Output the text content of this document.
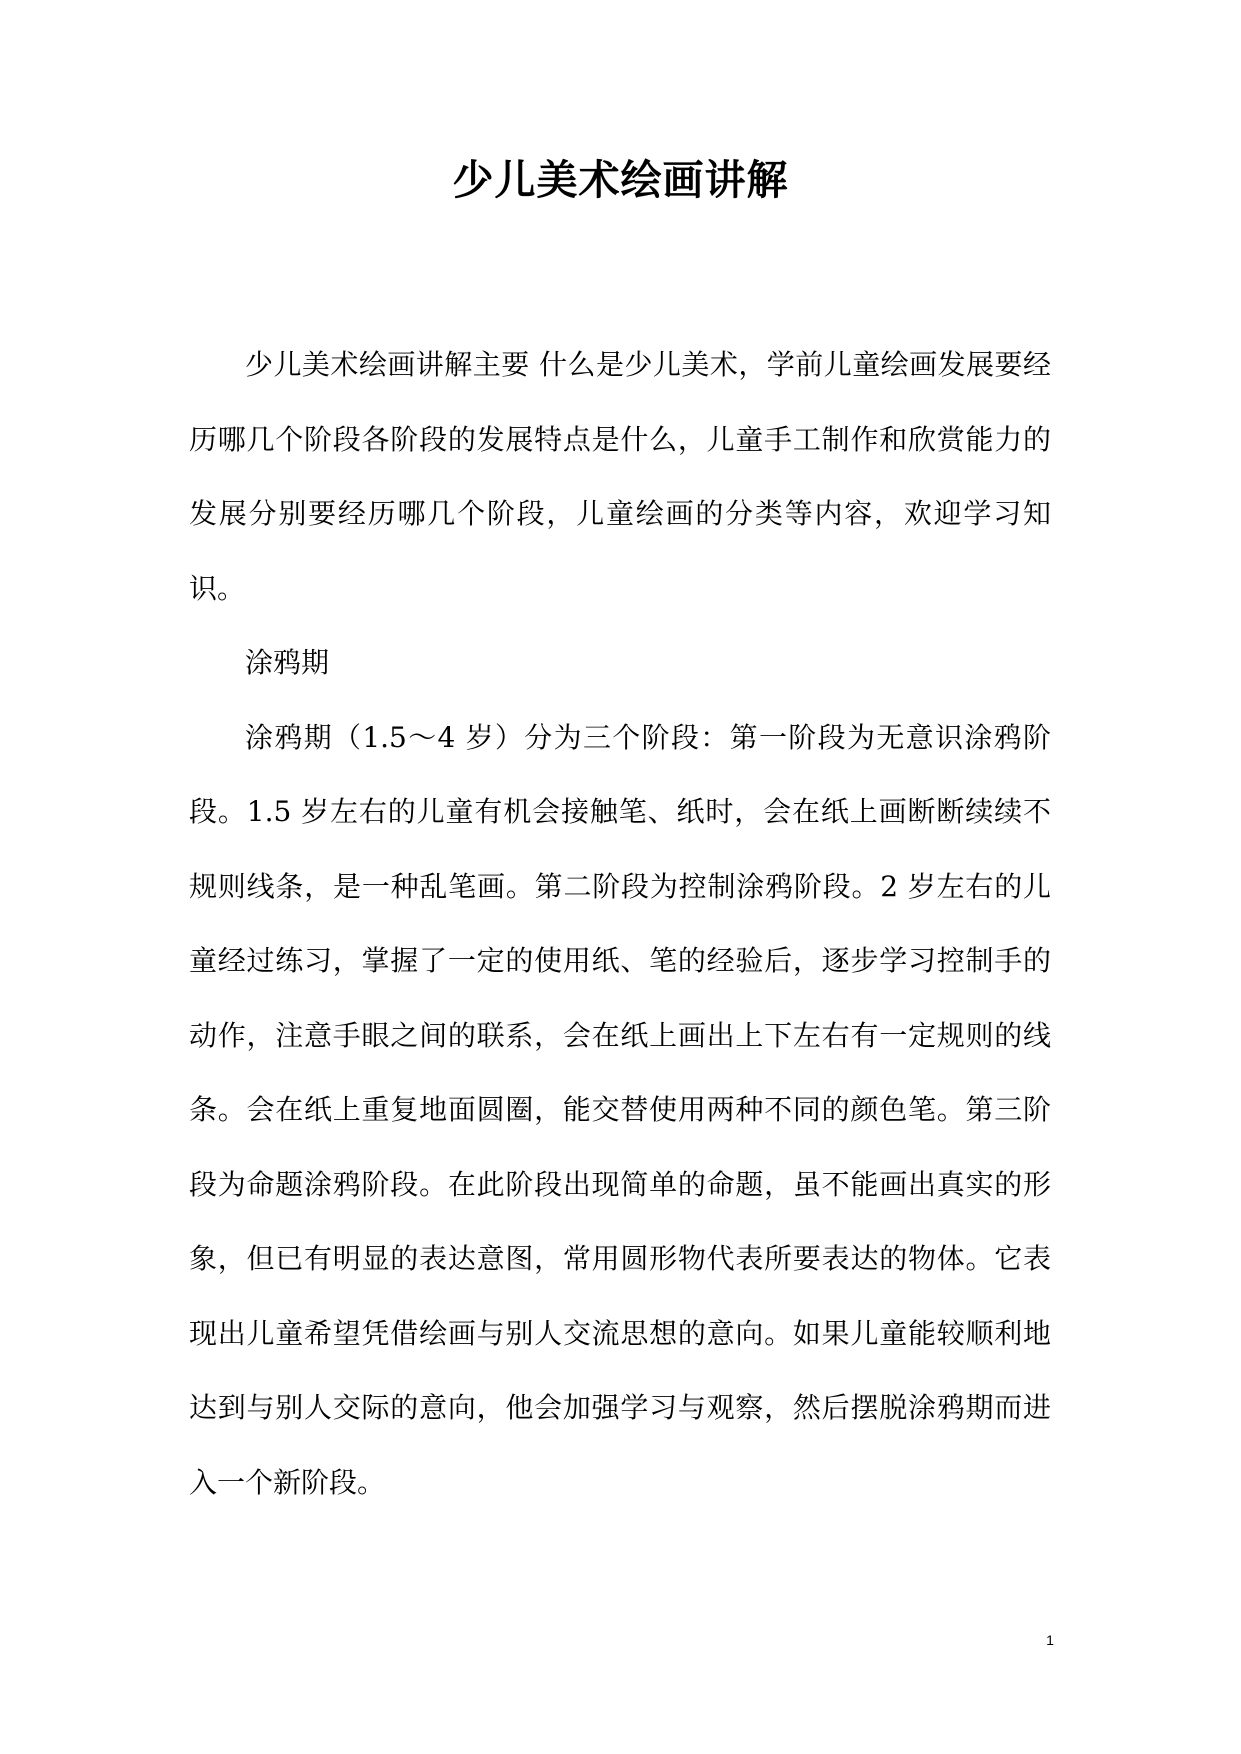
少儿美术绘画讲解

少儿美术绘画讲解主要 什么是少儿美术，学前儿童绘画发展要经历哪几个阶段各阶段的发展特点是什么，儿童手工制作和欣赏能力的发展分别要经历哪几个阶段，儿童绘画的分类等内容，欢迎学习知识。

涂鸦期

涂鸦期（1.5～4 岁）分为三个阶段：第一阶段为无意识涂鸦阶段。1.5 岁左右的儿童有机会接触笔、纸时，会在纸上画断断续续不规则线条，是一种乱笔画。第二阶段为控制涂鸦阶段。2 岁左右的儿童经过练习，掌握了一定的使用纸、笔的经验后，逐步学习控制手的动作，注意手眼之间的联系，会在纸上画出上下左右有一定规则的线条。会在纸上重复地面圆圈，能交替使用两种不同的颜色笔。第三阶段为命题涂鸦阶段。在此阶段出现简单的命题，虽不能画出真实的形象，但已有明显的表达意图，常用圆形物代表所要表达的物体。它表现出儿童希望凭借绘画与别人交流思想的意向。如果儿童能较顺利地达到与别人交际的意向，他会加强学习与观察，然后摆脱涂鸦期而进入一个新阶段。

1
